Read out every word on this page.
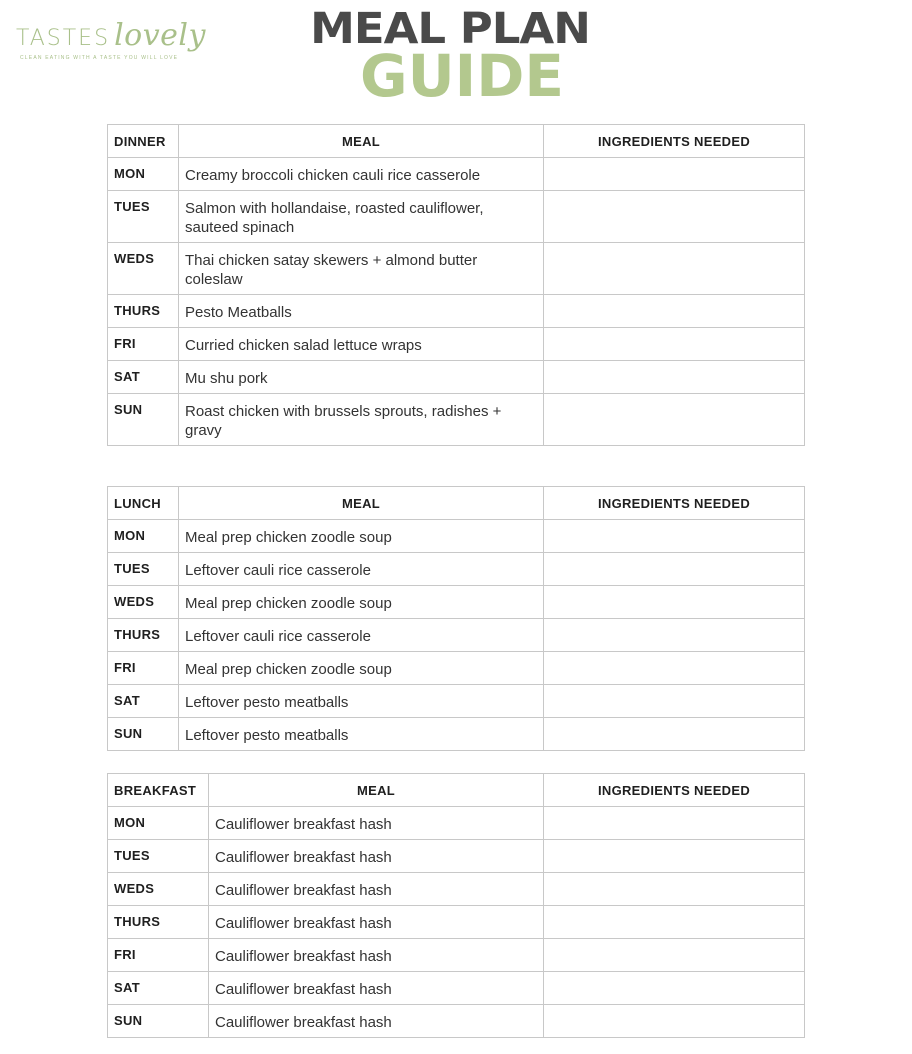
TASTES lovely
CLEAN EATING WITH A TASTE YOU WILL LOVE
MEAL PLAN
GUIDE
DINNER	MEAL	INGREDIENTS NEEDED
MON	Creamy broccoli chicken cauli rice casserole	
TUES	Salmon with hollandaise, roasted cauliflower, sauteed spinach	
WEDS	Thai chicken satay skewers + almond butter coleslaw	
THURS	Pesto Meatballs	
FRI	Curried chicken salad lettuce wraps	
SAT	Mu shu pork	
SUN	Roast chicken with brussels sprouts, radishes + gravy	
LUNCH	MEAL	INGREDIENTS NEEDED
MON	Meal prep chicken zoodle soup	
TUES	Leftover cauli rice casserole	
WEDS	Meal prep chicken zoodle soup	
THURS	Leftover cauli rice casserole	
FRI	Meal prep chicken zoodle soup	
SAT	Leftover pesto meatballs	
SUN	Leftover pesto meatballs	
BREAKFAST	MEAL	INGREDIENTS NEEDED
MON	Cauliflower breakfast hash	
TUES	Cauliflower breakfast hash	
WEDS	Cauliflower breakfast hash	
THURS	Cauliflower breakfast hash	
FRI	Cauliflower breakfast hash	
SAT	Cauliflower breakfast hash	
SUN	Cauliflower breakfast hash	
